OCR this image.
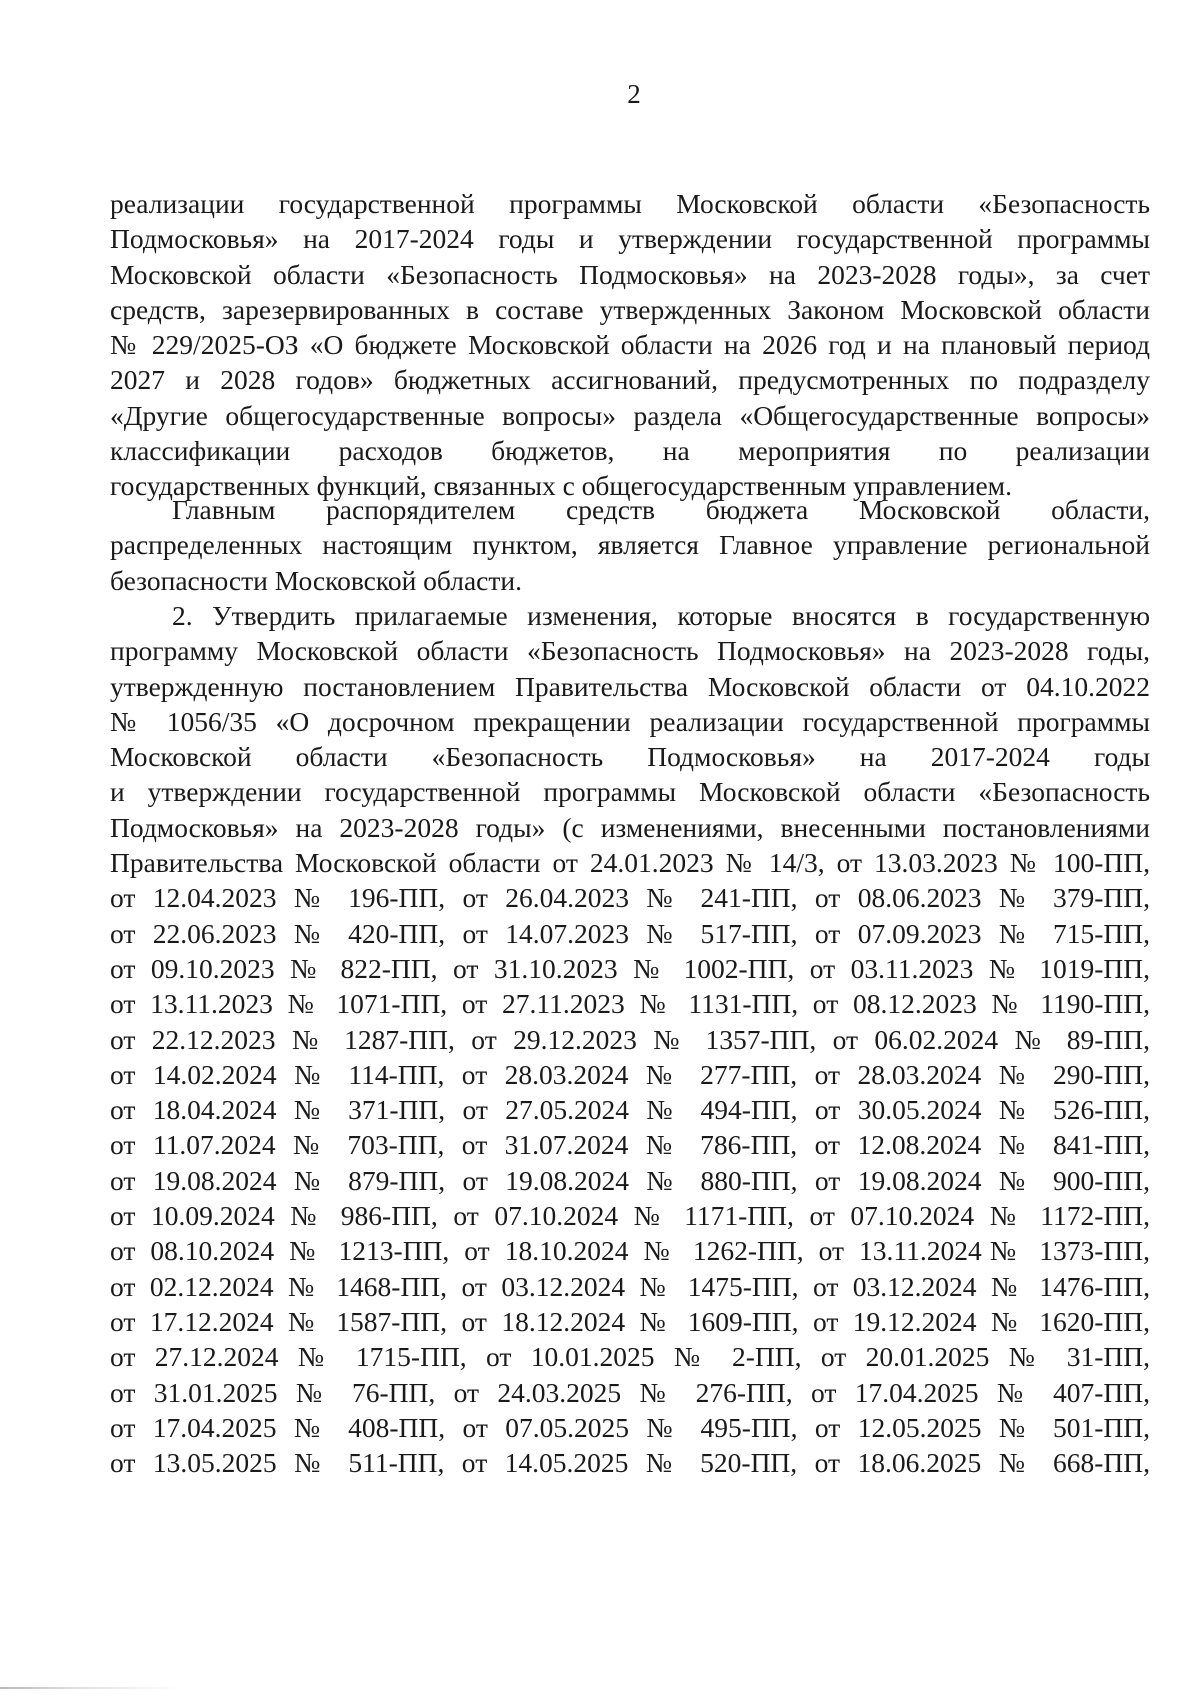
2
реализации государственной программы Московской области «Безопасность
Подмосковья» на 2017-2024 годы и утверждении государственной программы
Московской области «Безопасность Подмосковья» на 2023-2028 годы», за счет
средств, зарезервированных в составе утвержденных Законом Московской области
№ 229/2025-ОЗ «О бюджете Московской области на 2026 год и на плановый период
2027 и 2028 годов» бюджетных ассигнований, предусмотренных по подразделу
«Другие общегосударственные вопросы» раздела «Общегосударственные вопросы»
классификации расходов бюджетов, на мероприятия по реализации
государственных функций, связанных с общегосударственным управлением.
Главным распорядителем средств бюджета Московской области,
распределенных настоящим пунктом, является Главное управление региональной
безопасности Московской области.
2. Утвердить прилагаемые изменения, которые вносятся в государственную
программу Московской области «Безопасность Подмосковья» на 2023-2028 годы,
утвержденную постановлением Правительства Московской области от 04.10.2022
№ 1056/35 «О досрочном прекращении реализации государственной программы
Московской области «Безопасность Подмосковья» на 2017-2024 годы
и утверждении государственной программы Московской области «Безопасность
Подмосковья» на 2023-2028 годы» (с изменениями, внесенными постановлениями
Правительства Московской области от 24.01.2023 № 14/3, от 13.03.2023 № 100-ПП,
от 12.04.2023 № 196-ПП, от 26.04.2023 № 241-ПП, от 08.06.2023 № 379-ПП,
от 22.06.2023 № 420-ПП, от 14.07.2023 № 517-ПП, от 07.09.2023 № 715-ПП,
от 09.10.2023 № 822-ПП, от 31.10.2023 № 1002-ПП, от 03.11.2023 № 1019-ПП,
от 13.11.2023 № 1071-ПП, от 27.11.2023 № 1131-ПП, от 08.12.2023 № 1190-ПП,
от 22.12.2023 № 1287-ПП, от 29.12.2023 № 1357-ПП, от 06.02.2024 № 89-ПП,
от 14.02.2024 № 114-ПП, от 28.03.2024 № 277-ПП, от 28.03.2024 № 290-ПП,
от 18.04.2024 № 371-ПП, от 27.05.2024 № 494-ПП, от 30.05.2024 № 526-ПП,
от 11.07.2024 № 703-ПП, от 31.07.2024 № 786-ПП, от 12.08.2024 № 841-ПП,
от 19.08.2024 № 879-ПП, от 19.08.2024 № 880-ПП, от 19.08.2024 № 900-ПП,
от 10.09.2024 № 986-ПП, от 07.10.2024 № 1171-ПП, от 07.10.2024 № 1172-ПП,
от 08.10.2024 № 1213-ПП, от 18.10.2024 № 1262-ПП, от 13.11.2024№ 1373-ПП,
от 02.12.2024 № 1468-ПП, от 03.12.2024 № 1475-ПП, от 03.12.2024 № 1476-ПП,
от 17.12.2024 № 1587-ПП, от 18.12.2024 № 1609-ПП, от 19.12.2024 № 1620-ПП,
от 27.12.2024 № 1715-ПП, от 10.01.2025 № 2-ПП, от 20.01.2025 № 31-ПП,
от 31.01.2025 № 76-ПП, от 24.03.2025 № 276-ПП, от 17.04.2025 № 407-ПП,
от 17.04.2025 № 408-ПП, от 07.05.2025 № 495-ПП, от 12.05.2025 № 501-ПП,
от 13.05.2025 № 511-ПП, от 14.05.2025 № 520-ПП, от 18.06.2025 № 668-ПП,
